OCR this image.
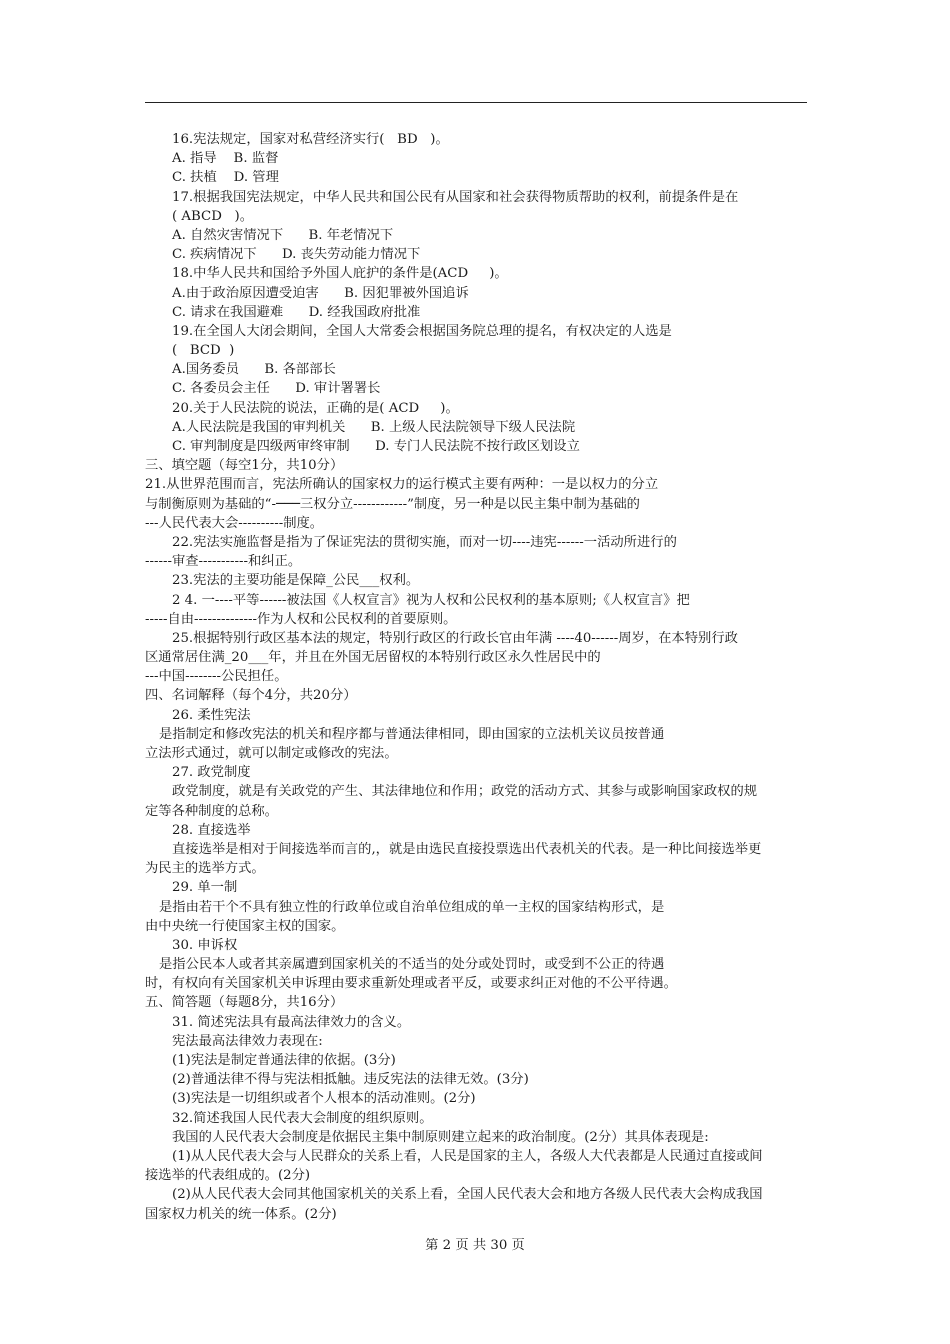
16.宪法规定，国家对私营经济实行(   BD   )。
A. 指导    B. 监督
C. 扶植    D. 管理
17.根据我国宪法规定，中华人民共和国公民有从国家和社会获得物质帮助的权利，前提条件是在
( ABCD   )。
A. 自然灾害情况下      B. 年老情况下
C. 疾病情况下      D. 丧失劳动能力情况下
18.中华人民共和国给予外国人庇护的条件是(ACD     )。
A.由于政治原因遭受迫害      B. 因犯罪被外国追诉
C. 请求在我国避难      D. 经我国政府批准
19.在全国人大闭会期间，全国人大常委会根据国务院总理的提名，有权决定的人选是
(   BCD  )
A.国务委员      B. 各部部长
C. 各委员会主任      D. 审计署署长
20.关于人民法院的说法，正确的是( ACD     )。
A.人民法院是我国的审判机关      B. 上级人民法院领导下级人民法院
C. 审判制度是四级两审终审制      D. 专门人民法院不按行政区划设立
三、填空题（每空1分，共10分）
21.从世界范围而言，宪法所确认的国家权力的运行模式主要有两种：一是以权力的分立
与制衡原则为基础的“-───三权分立------------”制度，另一种是以民主集中制为基础的
---人民代表大会----------制度。
22.宪法实施监督是指为了保证宪法的贯彻实施，而对一切----违宪------一活动所进行的
------审查-----------和纠正。
23.宪法的主要功能是保障_公民___权利。
2 4. 一----平等------被法国《人权宣言》视为人权和公民权利的基本原则;《人权宣言》把
-----自由--------------作为人权和公民权利的首要原则。
25.根据特别行政区基本法的规定，特别行政区的行政长官由年满 ----40------周岁，在本特别行政
区通常居住满_20___年，并且在外国无居留权的本特别行政区永久性居民中的
---中国--------公民担任。
四、名词解释（每个4分，共20分）
26. 柔性宪法
是指制定和修改宪法的机关和程序都与普通法律相同，即由国家的立法机关议员按普通
立法形式通过，就可以制定或修改的宪法。
27. 政党制度
政党制度，就是有关政党的产生、其法律地位和作用；政党的活动方式、其参与或影响国家政权的规
定等各种制度的总称。
28. 直接选举
直接选举是相对于间接选举而言的,，就是由选民直接投票选出代表机关的代表。是一种比间接选举更
为民主的选举方式。
29. 单一制
是指由若干个不具有独立性的行政单位或自治单位组成的单一主权的国家结构形式，是
由中央统一行使国家主权的国家。
30. 申诉权
是指公民本人或者其亲属遭到国家机关的不适当的处分或处罚时，或受到不公正的待遇
时，有权向有关国家机关申诉理由要求重新处理或者平反，或要求纠正对他的不公平待遇。
五、简答题（每题8分，共16分）
31. 简述宪法具有最高法律效力的含义。
宪法最高法律效力表现在:
(1)宪法是制定普通法律的依据。(3分)
(2)普通法律不得与宪法相抵触。违反宪法的法律无效。(3分)
(3)宪法是一切组织或者个人根本的活动准则。(2分)
32.简述我国人民代表大会制度的组织原则。
我国的人民代表大会制度是依据民主集中制原则建立起来的政治制度。(2分）其具体表现是:
(1)从人民代表大会与人民群众的关系上看，人民是国家的主人，各级人大代表都是人民通过直接或间
接选举的代表组成的。(2分)
(2)从人民代表大会同其他国家机关的关系上看，全国人民代表大会和地方各级人民代表大会构成我国
国家权力机关的统一体系。(2分)
第 2 页 共 30 页
